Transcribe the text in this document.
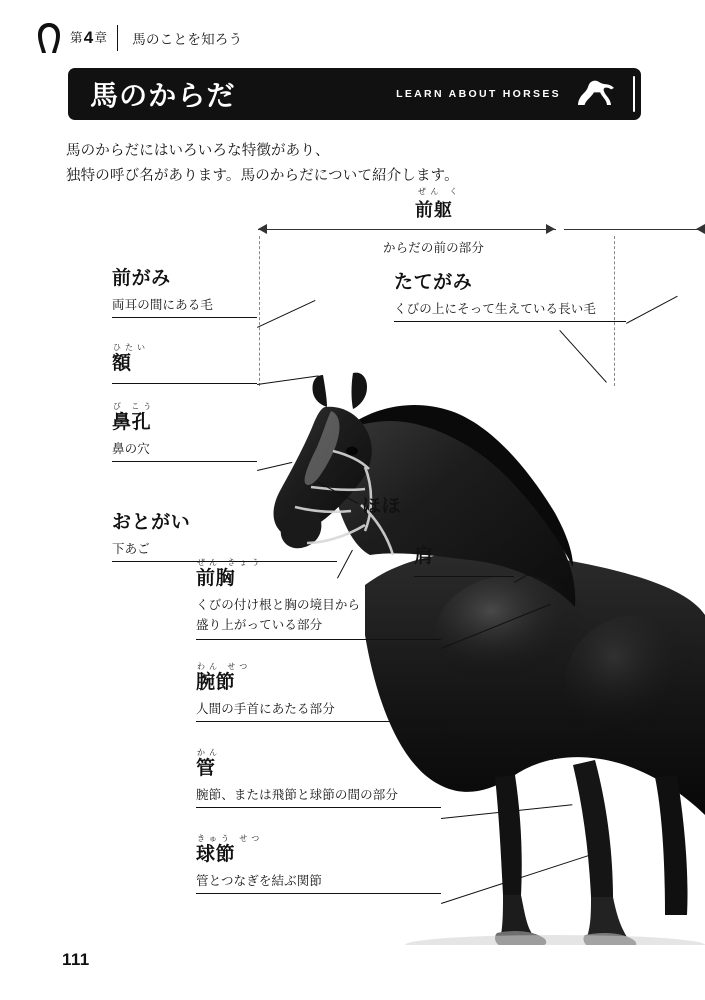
第4章 馬のことを知ろう
馬のからだ	LEARN ABOUT HORSES
馬のからだにはいろいろな特徴があり、
独特の呼び名があります。馬のからだについて紹介します。
ぜん く
前躯
からだの前の部分
前がみ
両耳の間にある毛
ひたい
額
び こう
鼻孔
鼻の穴
おとがい
下あご
たてがみ
くびの上にそって生えている長い毛
ほほ
肩
ぜん きょう
前胸
くびの付け根と胸の境目から
盛り上がっている部分
わん せつ
腕節
人間の手首にあたる部分
かん
管
腕節、または飛節と球節の間の部分
きゅう せつ
球節
管とつなぎを結ぶ関節
111
